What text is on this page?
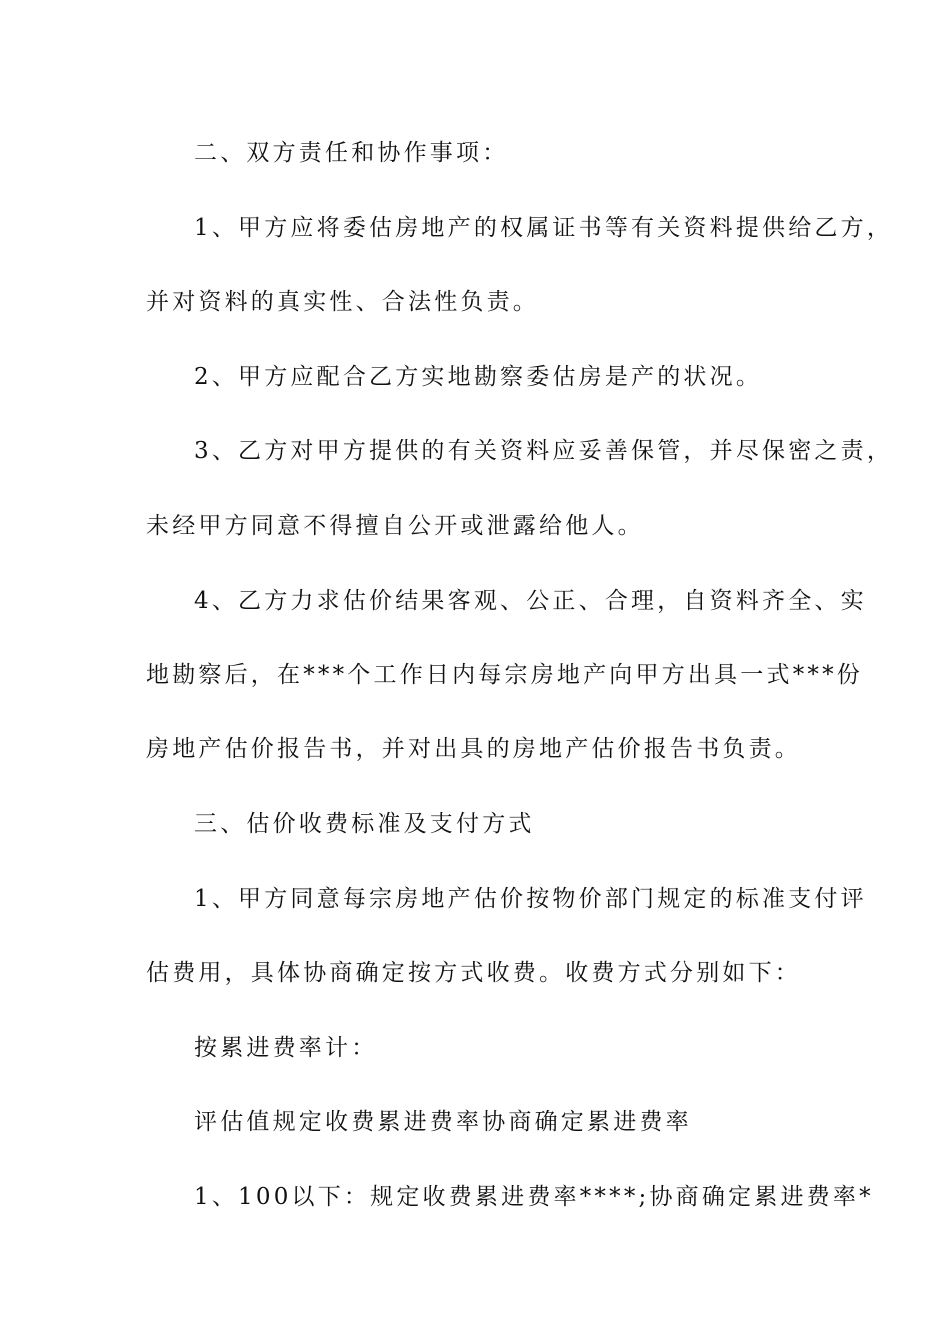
二、双方责任和协作事项：
1、甲方应将委估房地产的权属证书等有关资料提供给乙方，
并对资料的真实性、合法性负责。
2、甲方应配合乙方实地勘察委估房是产的状况。
3、乙方对甲方提供的有关资料应妥善保管，并尽保密之责，
未经甲方同意不得擅自公开或泄露给他人。
4、乙方力求估价结果客观、公正、合理，自资料齐全、实
地勘察后，在***个工作日内每宗房地产向甲方出具一式***份
房地产估价报告书，并对出具的房地产估价报告书负责。
三、估价收费标准及支付方式
1、甲方同意每宗房地产估价按物价部门规定的标准支付评
估费用，具体协商确定按方式收费。收费方式分别如下：
按累进费率计：
评估值规定收费累进费率协商确定累进费率
1、100以下：规定收费累进费率****;协商确定累进费率*
